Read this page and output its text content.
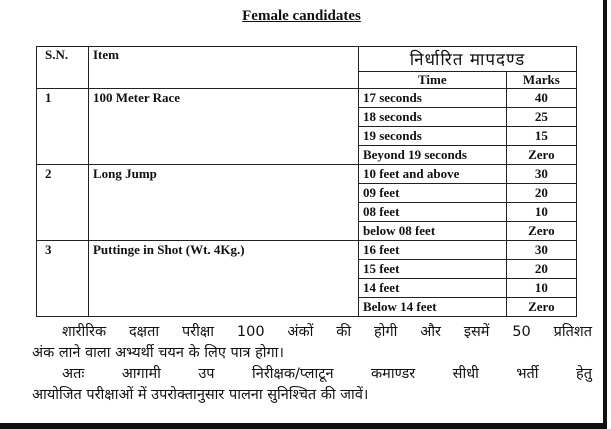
Female candidates
S.N.	Item	निर्धारित मापदण्ड	
		Time	Marks
1	100 Meter Race	17 seconds	40
		18 seconds	25
		19 seconds	15
		Beyond 19 seconds	Zero
2	Long Jump	10 feet and above	30
		09 feet	20
		08 feet	10
		below 08 feet	Zero
3	Puttinge in Shot (Wt. 4Kg.)	16 feet	30
		15 feet	20
		14 feet	10
		Below 14 feet	Zero

शारीरिक दक्षता परीक्षा 100 अंकों की होगी और इसमें 50 प्रतिशत

अंक लाने वाला अभ्यर्थी चयन के लिए पात्र होगा।

अतः आगामी उप निरीक्षक/प्लाटून कमाण्डर सीधी भर्ती हेतु

आयोजित परीक्षाओं में उपरोक्तानुसार पालना सुनिश्चित की जावें।
